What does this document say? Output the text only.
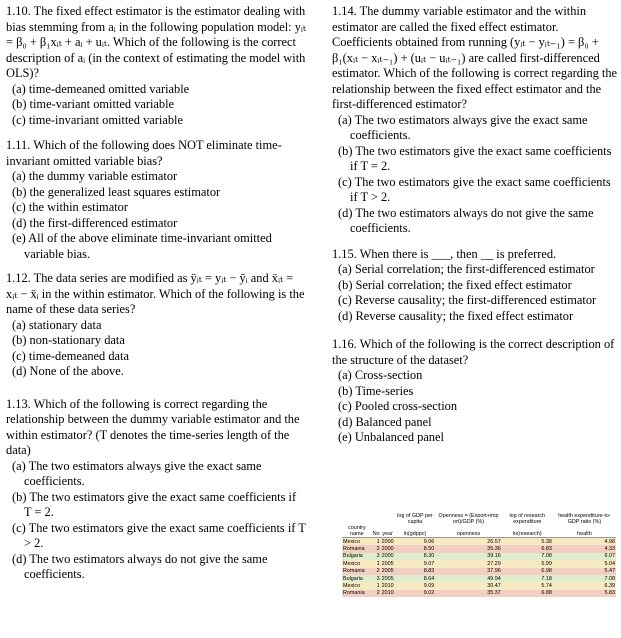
1.10. The fixed effect estimator is the estimator dealing with bias stemming from aᵢ in the following population model: yᵢₜ = β₀ + β₁xᵢₜ + aᵢ + uᵢₜ. Which of the following is the correct description of aᵢ (in the context of estimating the model with OLS)?
(a) time-demeaned omitted variable
(b) time-variant omitted variable
(c) time-invariant omitted variable
1.11. Which of the following does NOT eliminate time-invariant omitted variable bias?
(a) the dummy variable estimator
(b) the generalized least squares estimator
(c) the within estimator
(d) the first-differenced estimator
(e) All of the above eliminate time-invariant omitted variable bias.
1.12. The data series are modified as ÿᵢₜ = yᵢₜ − ȳᵢ and ẍᵢₜ = xᵢₜ − x̄ᵢ in the within estimator. Which of the following is the name of these data series?
(a) stationary data
(b) non-stationary data
(c) time-demeaned data
(d) None of the above.
1.13. Which of the following is correct regarding the relationship between the dummy variable estimator and the within estimator? (T denotes the time-series length of the data)
(a) The two estimators always give the exact same coefficients.
(b) The two estimators give the exact same coefficients if T = 2.
(c) The two estimators give the exact same coefficients if T > 2.
(d) The two estimators always do not give the same coefficients.
1.14. The dummy variable estimator and the within estimator are called the fixed effect estimator. Coefficients obtained from running (yᵢₜ − yᵢₜ₋₁) = β₀ + β₁(xᵢₜ − xᵢₜ₋₁) + (uᵢₜ − uᵢₜ₋₁) are called first-differenced estimator. Which of the following is correct regarding the relationship between the fixed effect estimator and the first-differenced estimator?
(a) The two estimators always give the exact same coefficients.
(b) The two estimators give the exact same coefficients if T = 2.
(c) The two estimators give the exact same coefficients if T > 2.
(d) The two estimators always do not give the same coefficients.
1.15. When there is ___, then __ is preferred.
(a) Serial correlation; the first-differenced estimator
(b) Serial correlation; the fixed effect estimator
(c) Reverse causality; the first-differenced estimator
(d) Reverse causality; the fixed effect estimator
1.16. Which of the following is the correct description of the structure of the dataset?
(a) Cross-section
(b) Time-series
(c) Pooled cross-section
(d) Balanced panel
(e) Unbalanced panel
			log of GDP per capita	Openness = (Export+imp ort)/GDP (%)	log of research expenditure	health expenditure-to-GDP ratio (%)
country name	No	year	ln(gdppc)	openness	ln(research)	health
Mexico	1	2000	9.06	26.57	5.38	4.98
Romania	2	2000	8.50	35.36	6.83	4.33
Bulgaria	3	2000	8.30	39.16	7.08	6.07
Mexico	1	2005	9.07	27.29	5.99	5.04
Romania	2	2005	8.83	37.96	6.98	5.47
Bulgaria	3	2005	8.64	49.94	7.18	7.08
Mexico	1	2010	9.09	30.47	5.74	6.39
Romania	2	2010	9.02	35.37	6.88	5.83
